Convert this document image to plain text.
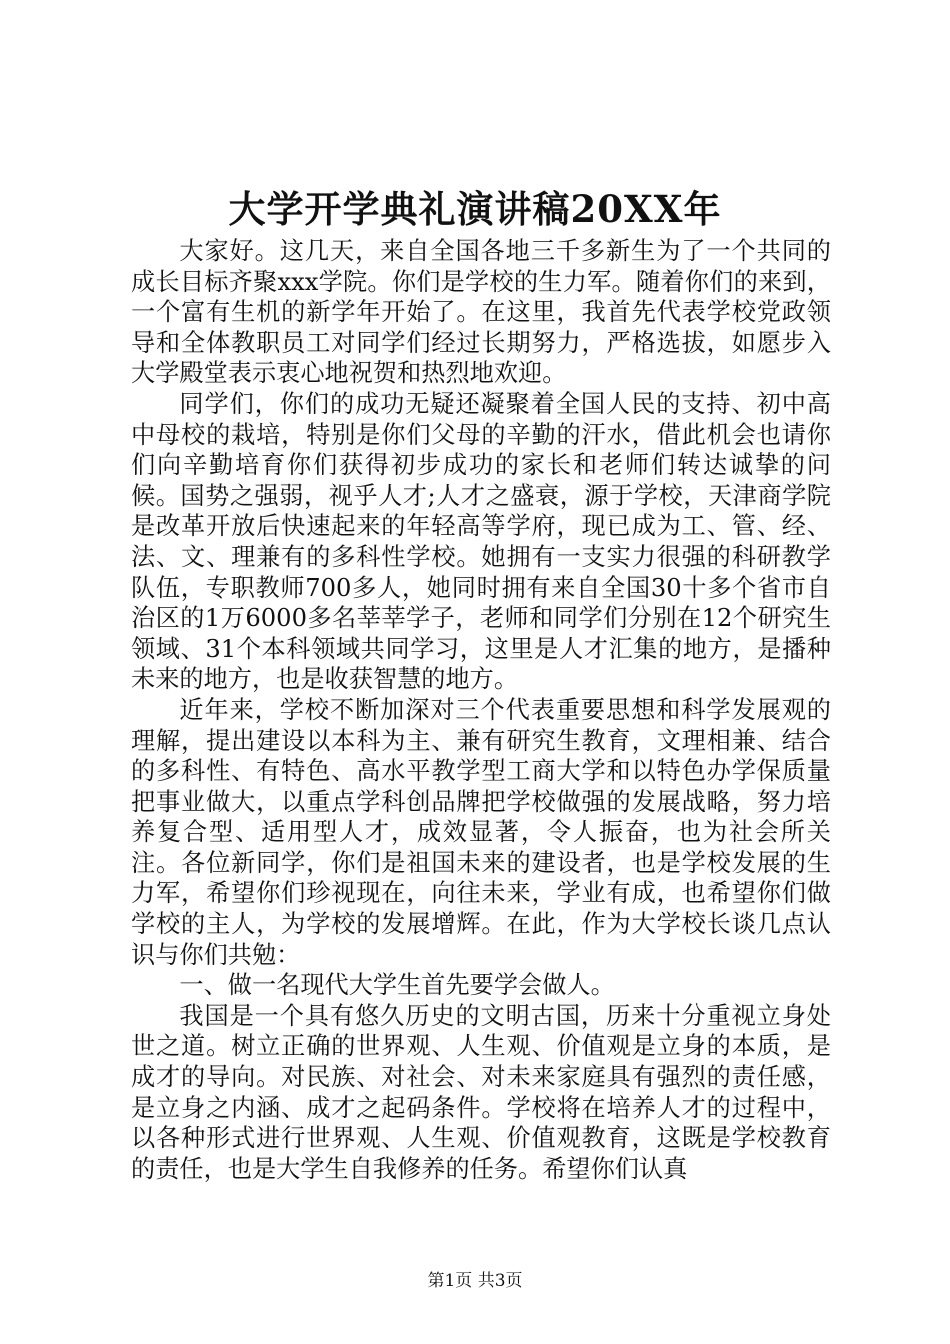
大学开学典礼演讲稿20XX年

大家好。这几天，来自全国各地三千多新生为了一个共同的成长目标齐聚xxx学院。你们是学校的生力军。随着你们的来到，一个富有生机的新学年开始了。在这里，我首先代表学校党政领导和全体教职员工对同学们经过长期努力，严格选拔，如愿步入大学殿堂表示衷心地祝贺和热烈地欢迎。

同学们，你们的成功无疑还凝聚着全国人民的支持、初中高中母校的栽培，特别是你们父母的辛勤的汗水，借此机会也请你们向辛勤培育你们获得初步成功的家长和老师们转达诚挚的问候。国势之强弱，视乎人才;人才之盛衰，源于学校，天津商学院是改革开放后快速起来的年轻高等学府，现已成为工、管、经、法、文、理兼有的多科性学校。她拥有一支实力很强的科研教学队伍，专职教师700多人，她同时拥有来自全国30十多个省市自治区的1万6000多名莘莘学子，老师和同学们分别在12个研究生领域、31个本科领域共同学习，这里是人才汇集的地方，是播种未来的地方，也是收获智慧的地方。

近年来，学校不断加深对三个代表重要思想和科学发展观的理解，提出建设以本科为主、兼有研究生教育，文理相兼、结合的多科性、有特色、高水平教学型工商大学和以特色办学保质量把事业做大，以重点学科创品牌把学校做强的发展战略，努力培养复合型、适用型人才，成效显著，令人振奋，也为社会所关注。各位新同学，你们是祖国未来的建设者，也是学校发展的生力军，希望你们珍视现在，向往未来，学业有成，也希望你们做学校的主人，为学校的发展增辉。在此，作为大学校长谈几点认识与你们共勉：

一、做一名现代大学生首先要学会做人。

我国是一个具有悠久历史的文明古国，历来十分重视立身处世之道。树立正确的世界观、人生观、价值观是立身的本质，是成才的导向。对民族、对社会、对未来家庭具有强烈的责任感，是立身之内涵、成才之起码条件。学校将在培养人才的过程中，以各种形式进行世界观、人生观、价值观教育，这既是学校教育的责任，也是大学生自我修养的任务。希望你们认真

第1页 共3页
